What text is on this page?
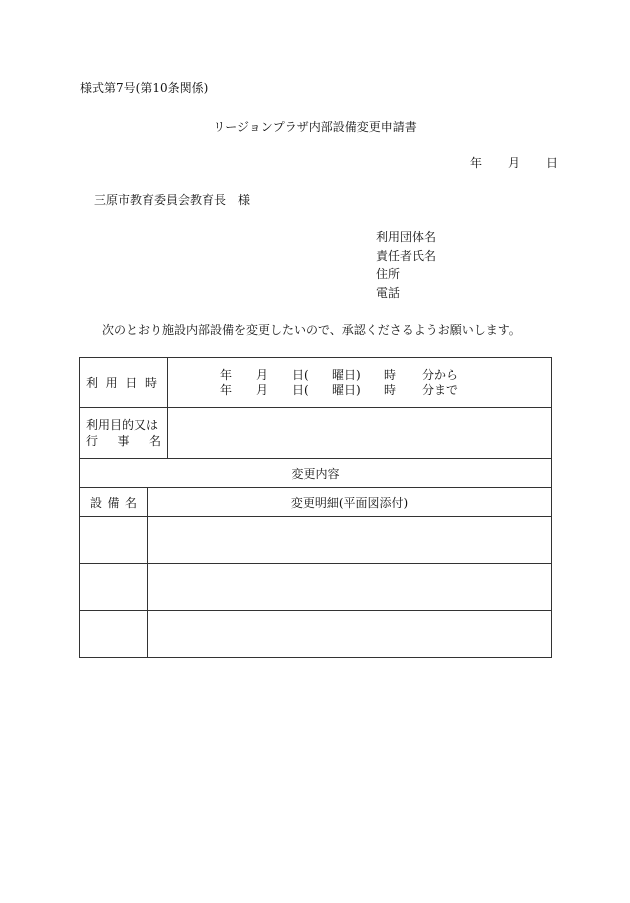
様式第7号(第10条関係)
リージョンプラザ内部設備変更申請書
年 月 日
三原市教育委員会教育長　様
利用団体名
責任者氏名
住所
電話
次のとおり施設内部設備を変更したいので、承認くださるようお願いします。
利用日時		年 月 日( 曜日) 時 分から
年 月 日( 曜日) 時 分まで

利用目的又は
行事名		

変更内容		
設備名	変更明細(平面図添付)	
